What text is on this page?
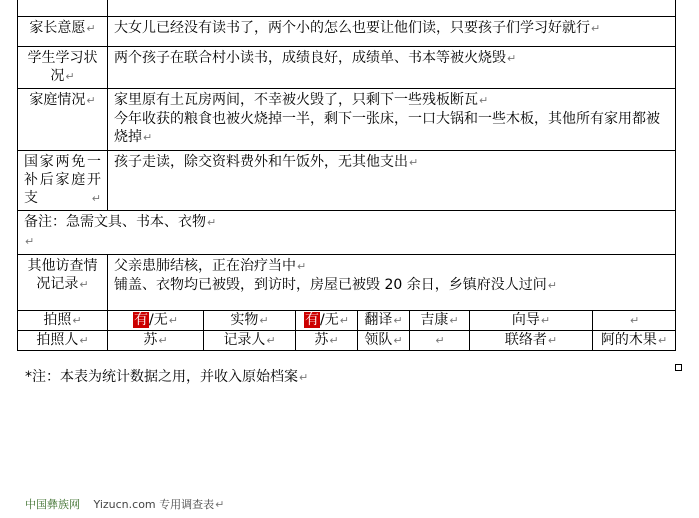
家长意愿↵	大女儿已经没有读书了，两个小的怎么也要让他们读，只要孩子们学习好就行↵						
学生学习状况↵	两个孩子在联合村小读书，成绩良好，成绩单、书本等被火烧毁↵						
家庭情况↵	家里原有土瓦房两间，不幸被火毁了，只剩下一些残板断瓦↵
今年收获的粮食也被火烧掉一半，剩下一张床，一口大锅和一些木板，其他所有家用都被烧掉↵						

国家两免一补后家庭开支↵	孩子走读，除交资料费外和午饭外，无其他支出↵						

备注：急需文具、书本、衣物↵
↵							

其他访查情况记录↵	父亲患肺结核，正在治疗当中↵
铺盖、衣物均已被毁，到访时，房屋已被毁 20 余日，乡镇府没人过问↵						

拍照↵	有/无↵	实物↵	有/无↵	翻译↵	吉康↵	向导↵	↵
拍照人↵	苏↵	记录人↵	苏↵	领队↵	↵	联络者↵	阿的木果↵
*注：本表为统计数据之用，并收入原始档案↵
中国彝族网 Yizucn.com 专用调查表↵
